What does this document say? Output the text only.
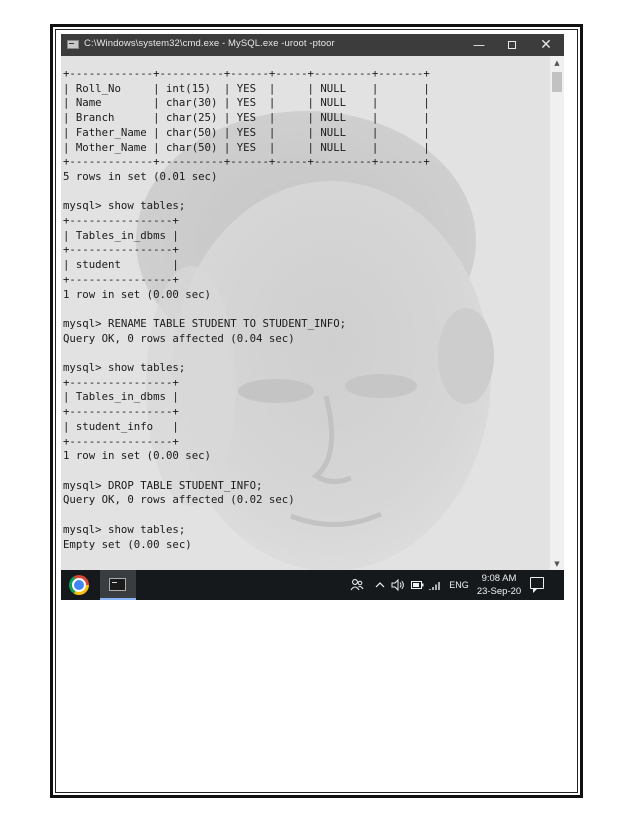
C:\Windows\system32\cmd.exe - MySQL.exe -uroot -ptoor	—	✕
+-------------+----------+------+-----+---------+-------+
| Roll_No     | int(15)  | YES  |     | NULL    |       |
| Name        | char(30) | YES  |     | NULL    |       |
| Branch      | char(25) | YES  |     | NULL    |       |
| Father_Name | char(50) | YES  |     | NULL    |       |
| Mother_Name | char(50) | YES  |     | NULL    |       |
+-------------+----------+------+-----+---------+-------+
5 rows in set (0.01 sec)

mysql> show tables;
+----------------+
| Tables_in_dbms |
+----------------+
| student        |
+----------------+
1 row in set (0.00 sec)

mysql> RENAME TABLE STUDENT TO STUDENT_INFO;
Query OK, 0 rows affected (0.04 sec)

mysql> show tables;
+----------------+
| Tables_in_dbms |
+----------------+
| student_info   |
+----------------+
1 row in set (0.00 sec)

mysql> DROP TABLE STUDENT_INFO;
Query OK, 0 rows affected (0.02 sec)

mysql> show tables;
Empty set (0.00 sec)
▲
▼
ENG
9:08 AM
23-Sep-20
